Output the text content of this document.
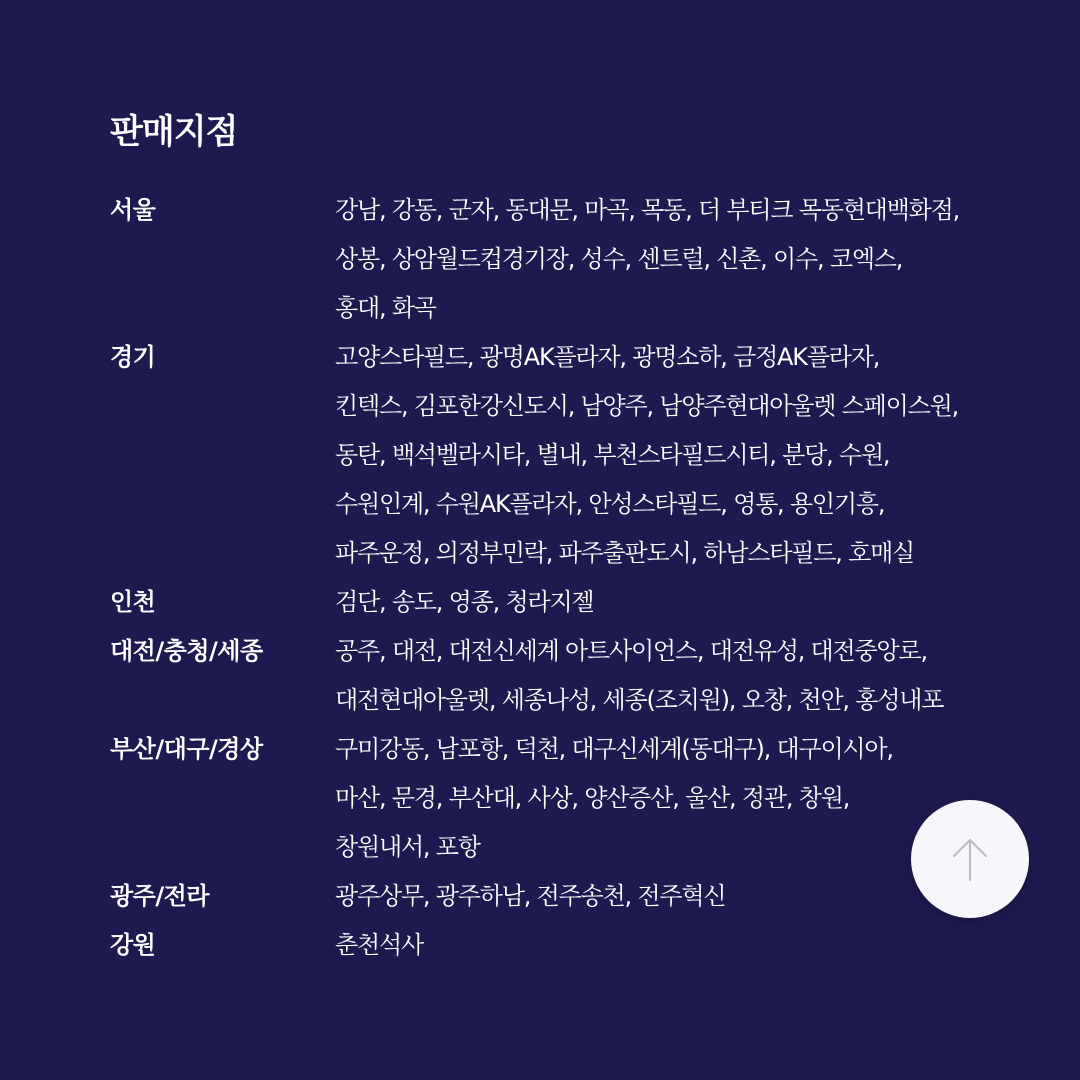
판매지점
서울	강남, 강동, 군자, 동대문, 마곡, 목동, 더 부티크 목동현대백화점,
상봉, 상암월드컵경기장, 성수, 센트럴, 신촌, 이수, 코엑스,
홍대, 화곡
경기	고양스타필드, 광명AK플라자, 광명소하, 금정AK플라자,
킨텍스, 김포한강신도시, 남양주, 남양주현대아울렛 스페이스원,
동탄, 백석벨라시타, 별내, 부천스타필드시티, 분당, 수원,
수원인계, 수원AK플라자, 안성스타필드, 영통, 용인기흥,
파주운정, 의정부민락, 파주출판도시, 하남스타필드, 호매실
인천	검단, 송도, 영종, 청라지젤
대전/충청/세종	공주, 대전, 대전신세계 아트사이언스, 대전유성, 대전중앙로,
대전현대아울렛, 세종나성, 세종(조치원), 오창, 천안, 홍성내포
부산/대구/경상	구미강동, 남포항, 덕천, 대구신세계(동대구), 대구이시아,
마산, 문경, 부산대, 사상, 양산증산, 울산, 정관, 창원,
창원내서, 포항
광주/전라	광주상무, 광주하남, 전주송천, 전주혁신
강원	춘천석사
